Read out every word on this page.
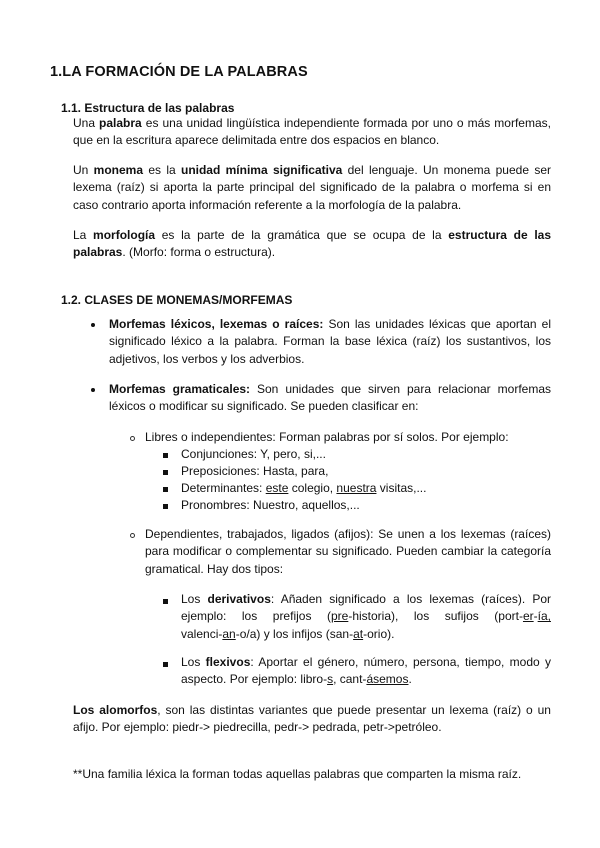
1.LA FORMACIÓN DE LA PALABRAS
1.1. Estructura de las palabras
Una palabra es una unidad lingüística independiente formada por uno o más morfemas,
que en la escritura aparece delimitada entre dos espacios en blanco.
Un monema es la unidad mínima significativa del lenguaje. Un monema puede ser
lexema (raíz) si aporta la parte principal del significado de la palabra o morfema si en
caso contrario aporta información referente a la morfología de la palabra.
La morfología es la parte de la gramática que se ocupa de la estructura de las
palabras. (Morfo: forma o estructura).
1.2. CLASES DE MONEMAS/MORFEMAS
Morfemas léxicos, lexemas o raíces: Son las unidades léxicas que aportan el
significado léxico a la palabra. Forman la base léxica (raíz) los sustantivos, los
adjetivos, los verbos y los adverbios.
Morfemas gramaticales: Son unidades que sirven para relacionar morfemas
léxicos o modificar su significado. Se pueden clasificar en:
Libres o independientes: Forman palabras por sí solos. Por ejemplo:
Conjunciones: Y, pero, si,...
Preposiciones: Hasta, para,
Determinantes: este colegio, nuestra visitas,...
Pronombres: Nuestro, aquellos,...
Dependientes, trabajados, ligados (afijos): Se unen a los lexemas (raíces)
para modificar o complementar su significado. Pueden cambiar la categoría
gramatical. Hay dos tipos:
Los derivativos: Añaden significado a los lexemas (raíces). Por
ejemplo: los prefijos (pre-historia), los sufijos (port-er-ía,
valenci-an-o/a) y los infijos (san-at-orio).
Los flexivos: Aportar el género, número, persona, tiempo, modo y
aspecto. Por ejemplo: libro-s, cant-ásemos.
Los alomorfos, son las distintas variantes que puede presentar un lexema (raíz) o un
afijo. Por ejemplo: piedr-> piedrecilla, pedr-> pedrada, petr->petróleo.
**Una familia léxica la forman todas aquellas palabras que comparten la misma raíz.
